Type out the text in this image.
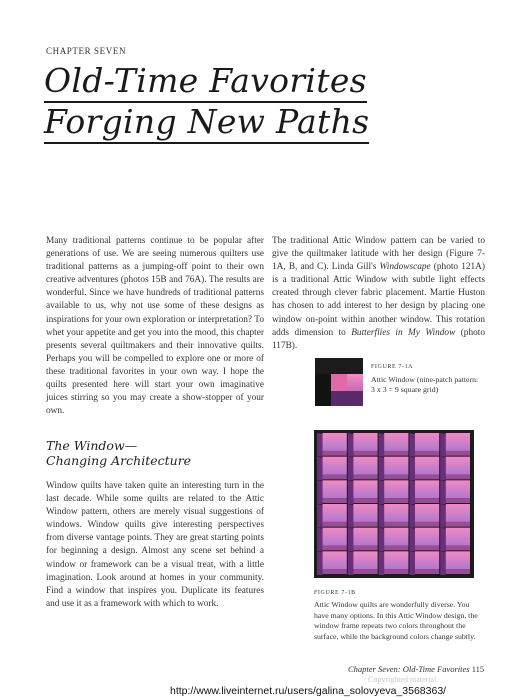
CHAPTER SEVEN
Old-Time Favorites
Forging New Paths

Many traditional patterns continue to be popular after generations of use. We are seeing numerous quilters use traditional patterns as a jumping-off point to their own creative adventures (photos 15B and 76A). The results are wonderful. Since we have hundreds of traditional patterns available to us, why not use some of these designs as inspirations for your own exploration or interpretation? To whet your appetite and get you into the mood, this chapter presents several quiltmakers and their innovative quilts. Perhaps you will be compelled to explore one or more of these traditional favorites in your own way. I hope the quilts presented here will start your own imaginative juices stirring so you may create a show-stopper of your own.

The traditional Attic Window pattern can be varied to give the quiltmaker latitude with her design (Figure 7-1A, B, and C). Linda Gill's Windowscape (photo 121A) is a traditional Attic Window with subtle light effects created through clever fabric placement. Martie Huston has chosen to add interest to her design by placing one window on-point within another window. This rotation adds dimension to Butterflies in My Window (photo 117B).

The Window—
Changing Architecture

Window quilts have taken quite an interesting turn in the last decade. While some quilts are related to the Attic Window pattern, others are merely visual suggestions of windows. Window quilts give interesting perspectives from diverse vantage points. They are great starting points for beginning a design. Almost any scene set behind a window or framework can be a visual treat, with a little imagination. Look around at homes in your community. Find a window that inspires you. Duplicate its features and use it as a framework with which to work.

FIGURE 7-1A
Attic Window (nine-patch pattern: 3 x 3 = 9 square grid)
FIGURE 7-1B
Attic Window quilts are wonderfully diverse. You have many options. In this Attic Window design, the window frame repeats two colors throughout the surface, while the background colors change subtly.
Chapter Seven: Old-Time Favorites 115
Copyrighted material
http://www.liveinternet.ru/users/galina_solovyeva_3568363/
